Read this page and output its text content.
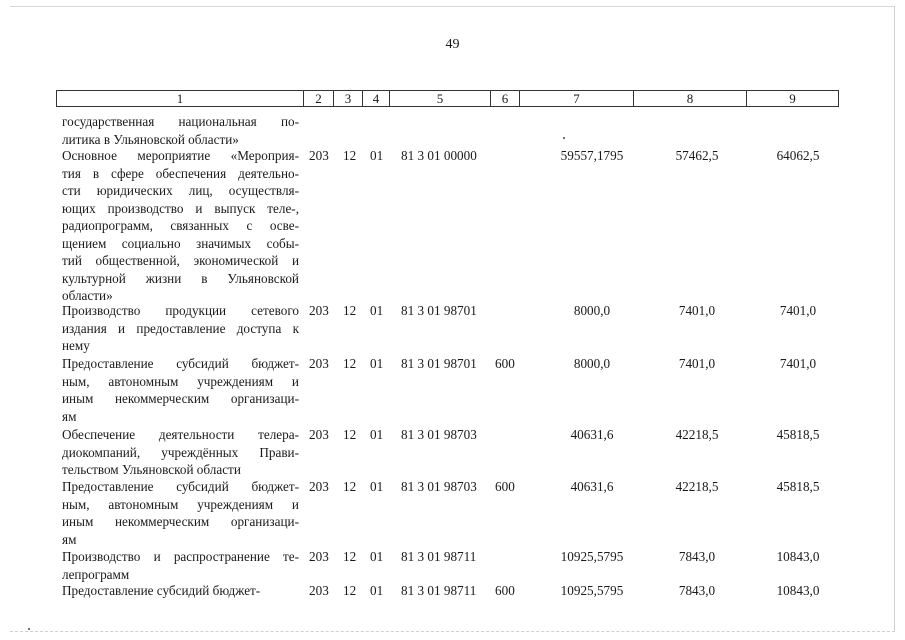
49
1	2	3	4	5	6	7	8	9
государственная национальная по-
литика в Ульяновской области»
Основное мероприятие «Мероприя-
тия в сфере обеспечения деятельно-
сти юридических лиц, осуществля-
ющих производство и выпуск теле-,
радиопрограмм, связанных с осве-
щением социально значимых собы-
тий общественной, экономической и
культурной жизни в Ульяновской
области»
203 12 01 81 3 01 00000	59557,1795	57462,5	64062,5
Производство продукции сетевого
издания и предоставление доступа к
нему
203 12 01 81 3 01 98701	8000,0	7401,0	7401,0
Предоставление субсидий бюджет-
ным, автономным учреждениям и
иным некоммерческим организаци-
ям
203 12 01 81 3 01 98701 600	8000,0	7401,0	7401,0
Обеспечение деятельности телера-
диокомпаний, учреждённых Прави-
тельством Ульяновской области
203 12 01 81 3 01 98703	40631,6	42218,5	45818,5
Предоставление субсидий бюджет-
ным, автономным учреждениям и
иным некоммерческим организаци-
ям
203 12 01 81 3 01 98703 600	40631,6	42218,5	45818,5
Производство и распространение те-
лепрограмм
203 12 01 81 3 01 98711	10925,5795	7843,0	10843,0
Предоставление субсидий бюджет-	203 12 01 81 3 01 98711 600	10925,5795	7843,0	10843,0
